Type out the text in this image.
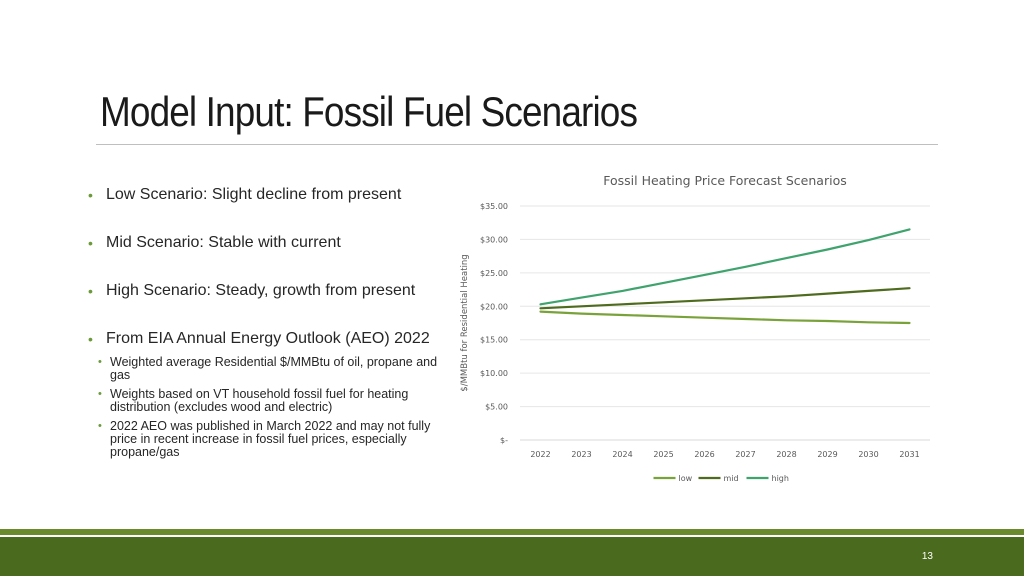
Model Input: Fossil Fuel Scenarios
• Low Scenario: Slight decline from present
• Mid Scenario: Stable with current
• High Scenario: Steady, growth from present
• From EIA Annual Energy Outlook (AEO) 2022
• Weighted average Residential $/MMBtu of oil, propane and gas
• Weights based on VT household fossil fuel for heating distribution (excludes wood and electric)
• 2022 AEO was published in March 2022 and may not fully price in recent increase in fossil fuel prices, especially propane/gas
Fossil Heating Price Forecast Scenarios
$-
$5.00
$10.00
$15.00
$20.00
$25.00
$30.00
$35.00
$/MMBtu for Residential Heating
2022	2023	2024	2025	2026	2027	2028	2029	2030	2031
low	mid	high
13
